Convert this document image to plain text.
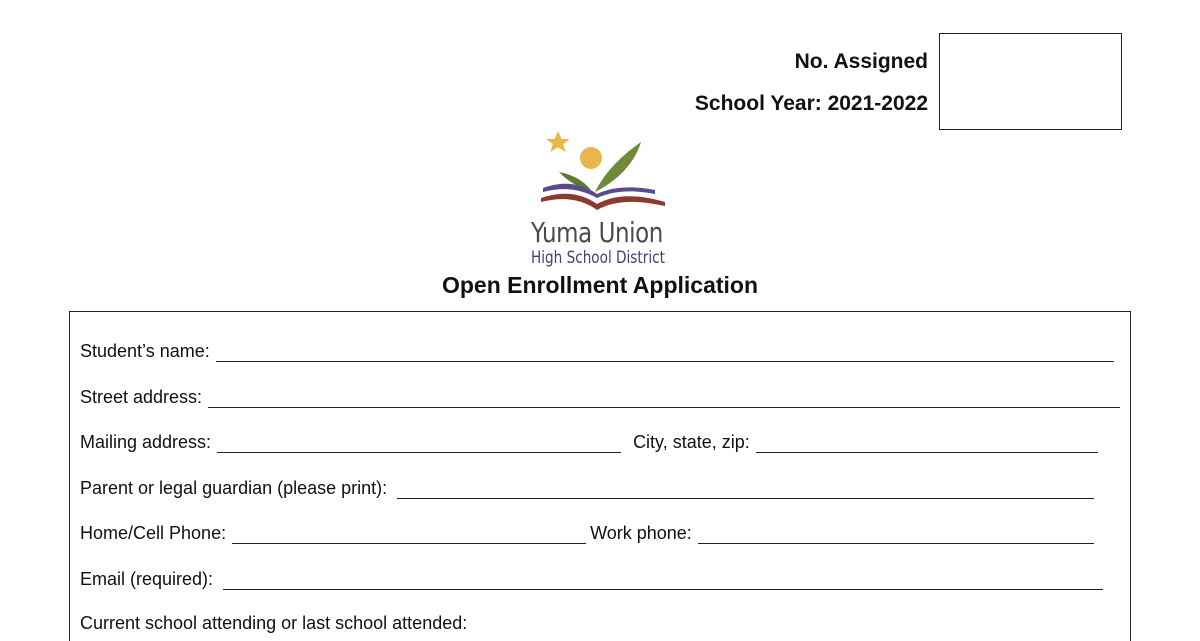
No. Assigned
School Year: 2021-2022
Yuma Union
High School District
Open Enrollment Application
Student’s name:
Street address:
Mailing address:	City, state, zip:
Parent or legal guardian (please print):
Home/Cell Phone:	Work phone:
Email (required):
Current school attending or last school attended:
